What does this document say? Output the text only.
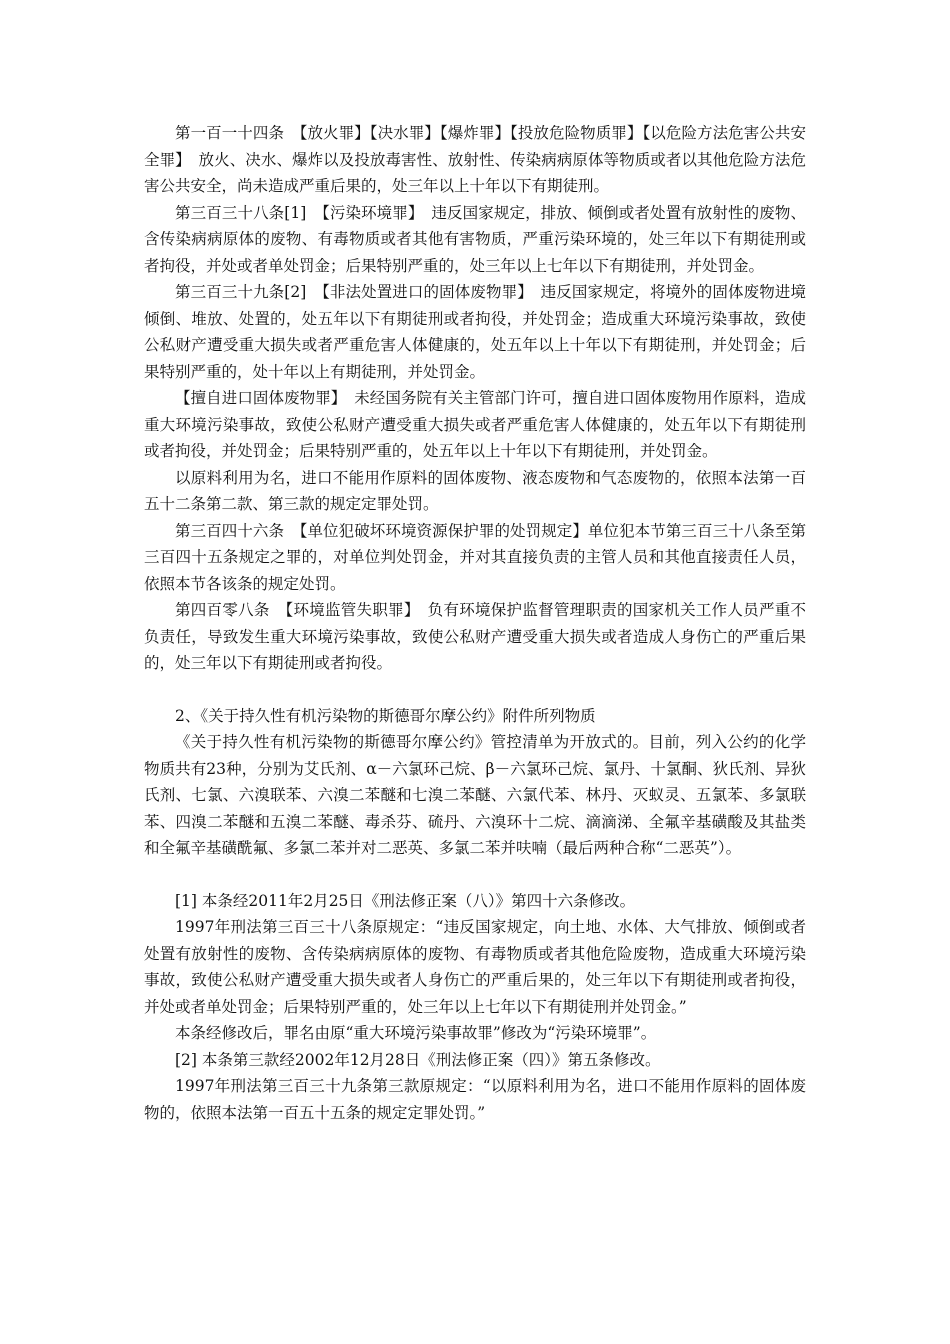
第一百一十四条　【放火罪】【决水罪】【爆炸罪】【投放危险物质罪】【以危险方法危害公共安全罪】　放火、决水、爆炸以及投放毒害性、放射性、传染病病原体等物质或者以其他危险方法危害公共安全，尚未造成严重后果的，处三年以上十年以下有期徒刑。

第三百三十八条[1]　【污染环境罪】　违反国家规定，排放、倾倒或者处置有放射性的废物、含传染病病原体的废物、有毒物质或者其他有害物质，严重污染环境的，处三年以下有期徒刑或者拘役，并处或者单处罚金；后果特别严重的，处三年以上七年以下有期徒刑，并处罚金。

第三百三十九条[2]　【非法处置进口的固体废物罪】　违反国家规定，将境外的固体废物进境倾倒、堆放、处置的，处五年以下有期徒刑或者拘役，并处罚金；造成重大环境污染事故，致使公私财产遭受重大损失或者严重危害人体健康的，处五年以上十年以下有期徒刑，并处罚金；后果特别严重的，处十年以上有期徒刑，并处罚金。

【擅自进口固体废物罪】　未经国务院有关主管部门许可，擅自进口固体废物用作原料，造成重大环境污染事故，致使公私财产遭受重大损失或者严重危害人体健康的，处五年以下有期徒刑或者拘役，并处罚金；后果特别严重的，处五年以上十年以下有期徒刑，并处罚金。

以原料利用为名，进口不能用作原料的固体废物、液态废物和气态废物的，依照本法第一百五十二条第二款、第三款的规定定罪处罚。

第三百四十六条　【单位犯破坏环境资源保护罪的处罚规定】单位犯本节第三百三十八条至第三百四十五条规定之罪的，对单位判处罚金，并对其直接负责的主管人员和其他直接责任人员，依照本节各该条的规定处罚。

第四百零八条　【环境监管失职罪】　负有环境保护监督管理职责的国家机关工作人员严重不负责任，导致发生重大环境污染事故，致使公私财产遭受重大损失或者造成人身伤亡的严重后果的，处三年以下有期徒刑或者拘役。

2、《关于持久性有机污染物的斯德哥尔摩公约》附件所列物质

《关于持久性有机污染物的斯德哥尔摩公约》管控清单为开放式的。目前，列入公约的化学物质共有23种，分别为艾氏剂、α－六氯环己烷、β－六氯环己烷、氯丹、十氯酮、狄氏剂、异狄氏剂、七氯、六溴联苯、六溴二苯醚和七溴二苯醚、六氯代苯、林丹、灭蚁灵、五氯苯、多氯联苯、四溴二苯醚和五溴二苯醚、毒杀芬、硫丹、六溴环十二烷、滴滴涕、全氟辛基磺酸及其盐类和全氟辛基磺酰氟、多氯二苯并对二恶英、多氯二苯并呋喃（最后两种合称“二恶英”）。

[1] 本条经2011年2月25日《刑法修正案（八）》第四十六条修改。

1997年刑法第三百三十八条原规定：“违反国家规定，向土地、水体、大气排放、倾倒或者处置有放射性的废物、含传染病病原体的废物、有毒物质或者其他危险废物，造成重大环境污染事故，致使公私财产遭受重大损失或者人身伤亡的严重后果的，处三年以下有期徒刑或者拘役，并处或者单处罚金；后果特别严重的，处三年以上七年以下有期徒刑并处罚金。”

本条经修改后，罪名由原“重大环境污染事故罪”修改为“污染环境罪”。

[2] 本条第三款经2002年12月28日《刑法修正案（四）》第五条修改。

1997年刑法第三百三十九条第三款原规定：“以原料利用为名，进口不能用作原料的固体废物的，依照本法第一百五十五条的规定定罪处罚。”
